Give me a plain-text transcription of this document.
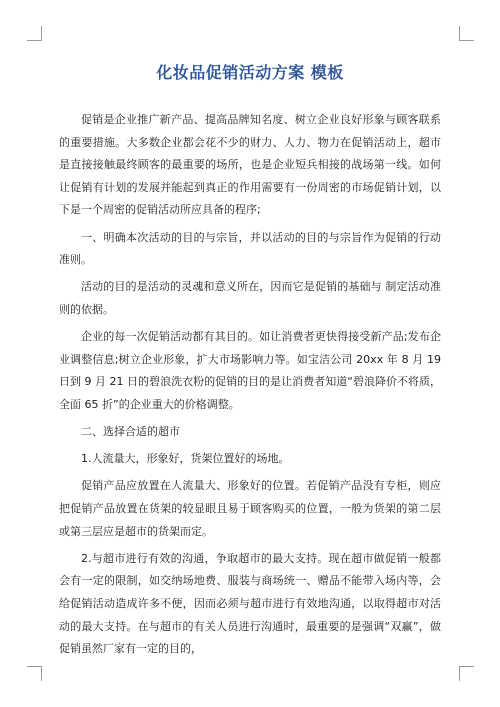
化妆品促销活动方案 模板

促销是企业推广新产品、提高品牌知名度、树立企业良好形象与顾客联系的重要措施。大多数企业都会花不少的财力、人力、物力在促销活动上，超市是直接接触最终顾客的最重要的场所，也是企业短兵相接的战场第一线。如何让促销有计划的发展并能起到真正的作用需要有一份周密的市场促销计划，以下是一个周密的促销活动所应具备的程序;

一、明确本次活动的目的与宗旨，并以活动的目的与宗旨作为促销的行动准则。

活动的目的是活动的灵魂和意义所在，因而它是促销的基础与 制定活动准则的依据。

企业的每一次促销活动都有其目的。如让消费者更快得接受新产品;发布企业调整信息;树立企业形象，扩大市场影响力等。如宝洁公司 20xx 年 8 月 19 日到 9 月 21 日的碧浪洗衣粉的促销的目的是让消费者知道“碧浪降价不将质，全面 65 折”的企业重大的价格调整。

二、选择合适的超市

1.人流量大，形象好，货架位置好的场地。

促销产品应放置在人流量大、形象好的位置。若促销产品没有专柜，则应把促销产品放置在货架的较显眼且易于顾客购买的位置，一般为货架的第二层或第三层应是超市的货架而定。

2.与超市进行有效的沟通，争取超市的最大支持。现在超市做促销一般都会有一定的限制，如交纳场地费、服装与商场统一、赠品不能带入场内等，会给促销活动造成许多不便，因而必须与超市进行有效地沟通，以取得超市对活动的最大支持。在与超市的有关人员进行沟通时，最重要的是强调“双赢”，做促销虽然厂家有一定的目的，
